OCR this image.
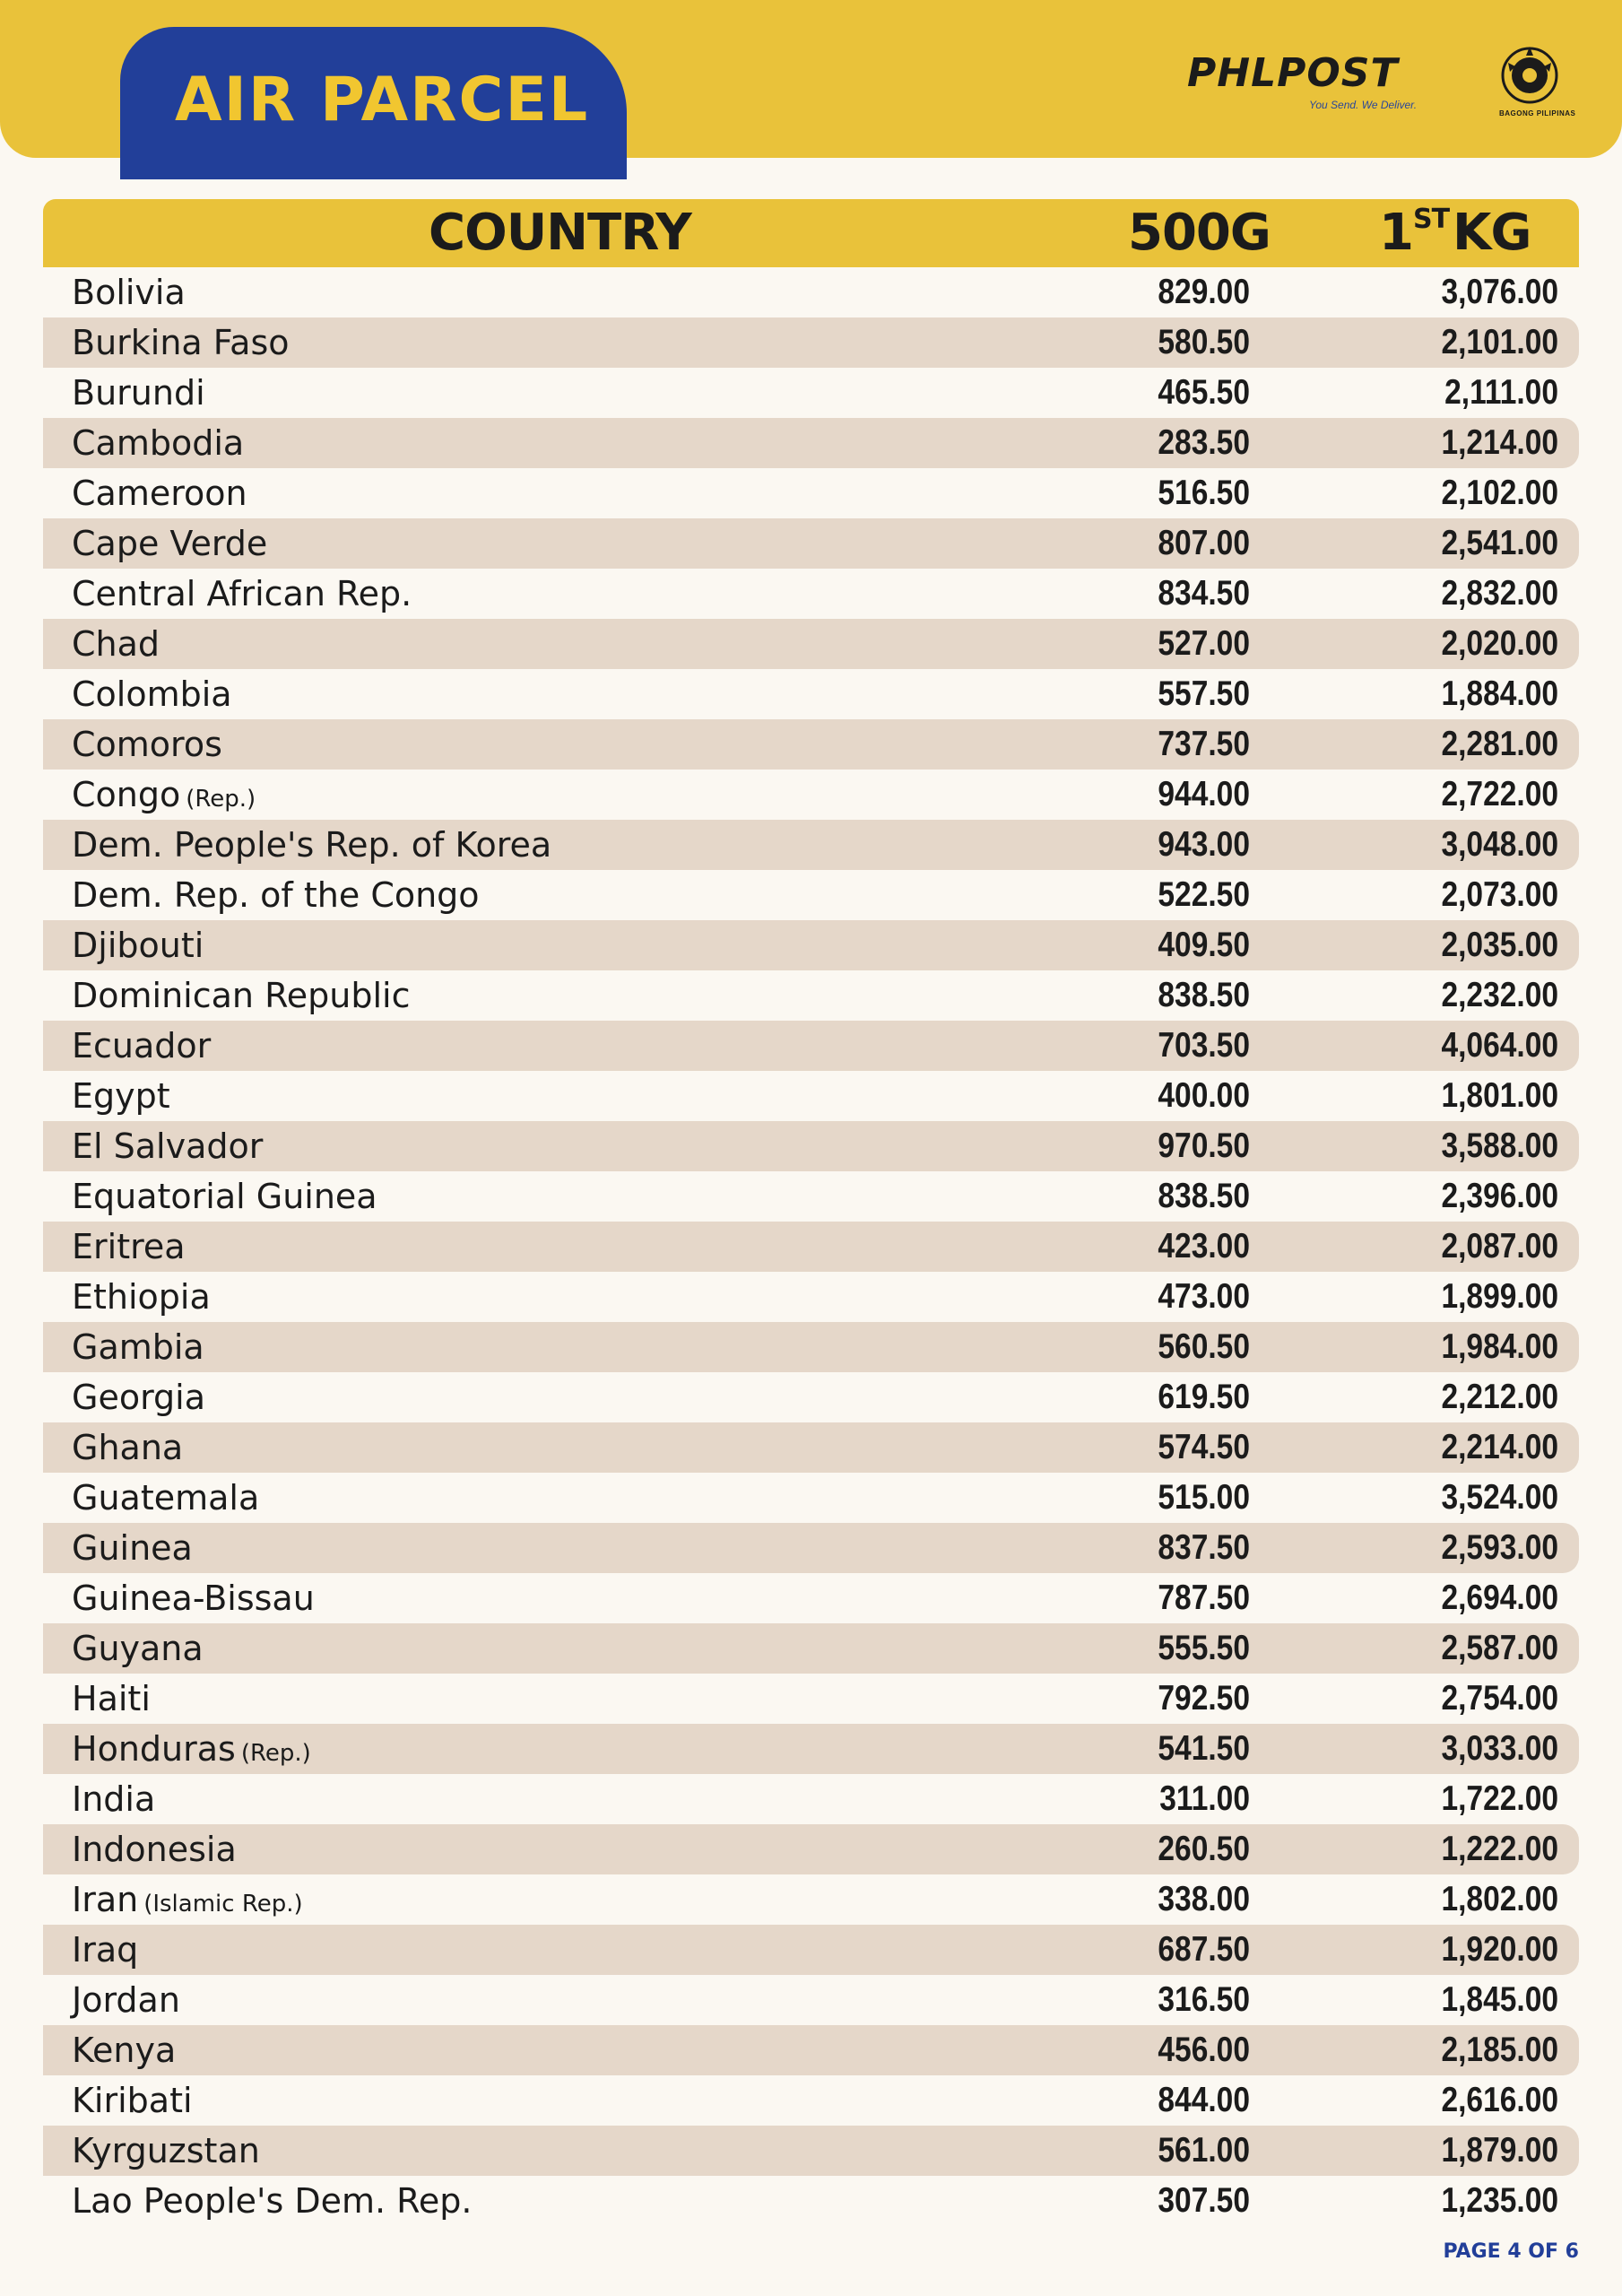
AIR PARCEL	PHLPOST
You Send. We Deliver.
BAGONG PILIPINAS
COUNTRY	500G 1STKG
Bolivia	829.00	3,076.00
Burkina Faso	580.50	2,101.00
Burundi	465.50	2,111.00
Cambodia	283.50	1,214.00
Cameroon	516.50	2,102.00
Cape Verde	807.00	2,541.00
Central African Rep.	834.50	2,832.00
Chad	527.00	2,020.00
Colombia	557.50	1,884.00
Comoros	737.50	2,281.00
Congo (Rep.)	944.00	2,722.00
Dem. People's Rep. of Korea	943.00	3,048.00
Dem. Rep. of the Congo	522.50	2,073.00
Djibouti	409.50	2,035.00
Dominican Republic	838.50	2,232.00
Ecuador	703.50	4,064.00
Egypt	400.00	1,801.00
El Salvador	970.50	3,588.00
Equatorial Guinea	838.50	2,396.00
Eritrea	423.00	2,087.00
Ethiopia	473.00	1,899.00
Gambia	560.50	1,984.00
Georgia	619.50	2,212.00
Ghana	574.50	2,214.00
Guatemala	515.00	3,524.00
Guinea	837.50	2,593.00
Guinea-Bissau	787.50	2,694.00
Guyana	555.50	2,587.00
Haiti	792.50	2,754.00
Honduras (Rep.)	541.50	3,033.00
India	311.00	1,722.00
Indonesia	260.50	1,222.00
Iran (Islamic Rep.)	338.00	1,802.00
Iraq	687.50	1,920.00
Jordan	316.50	1,845.00
Kenya	456.00	2,185.00
Kiribati	844.00	2,616.00
Kyrguzstan	561.00	1,879.00
Lao People's Dem. Rep.	307.50	1,235.00
PAGE 4 OF 6
